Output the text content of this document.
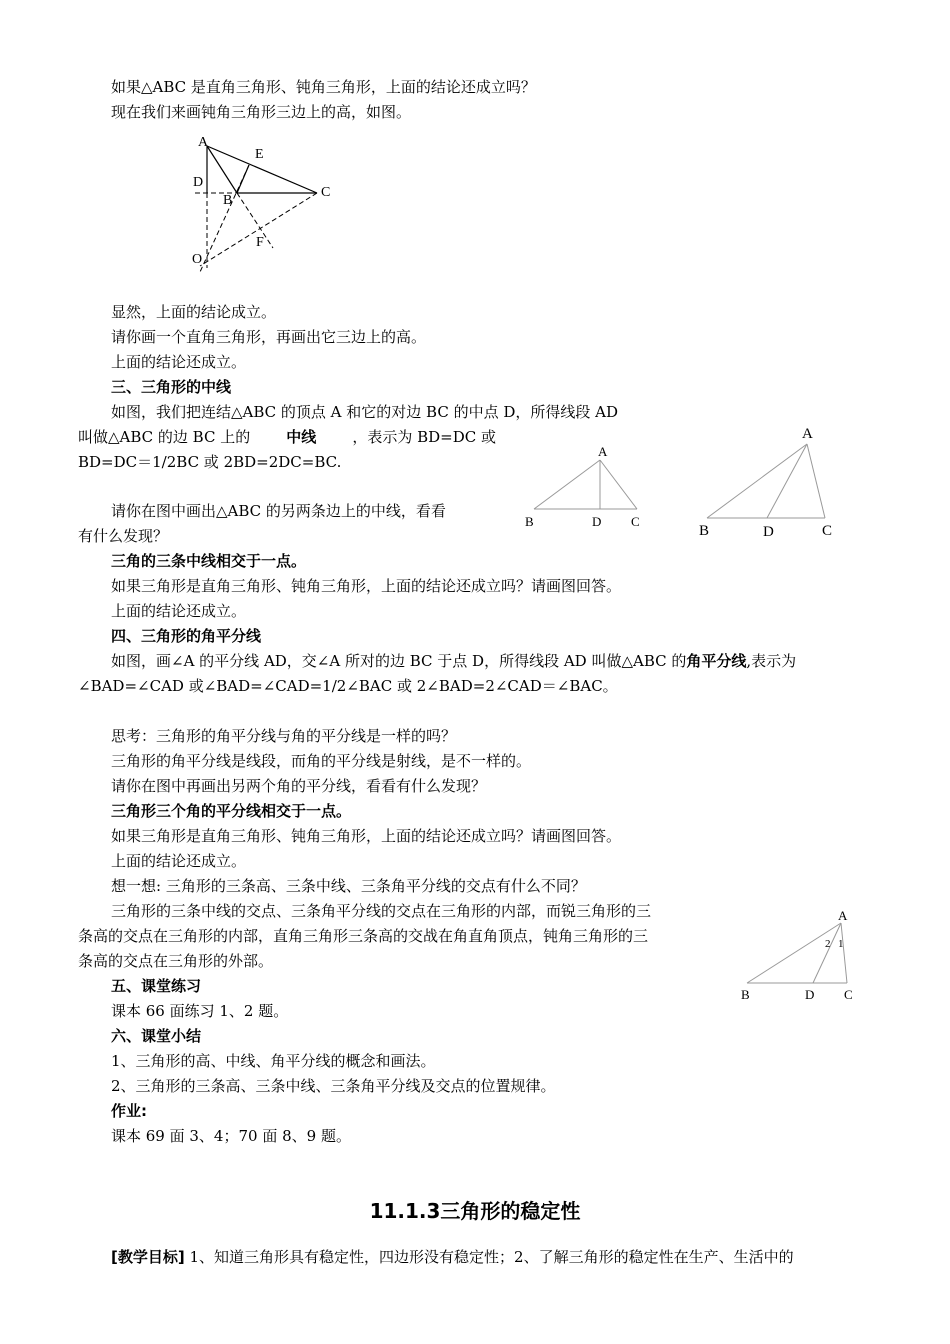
如果△ABC 是直角三角形、钝角三角形，上面的结论还成立吗？
现在我们来画钝角三角形三边上的高，如图。
A
E
D
B
C
F
O
显然，上面的结论成立。
请你画一个直角三角形，再画出它三边上的高。
上面的结论还成立。
三、三角形的中线
如图，我们把连结△ABC 的顶点 A 和它的对边 BC 的中点 D，所得线段 AD
叫做△ABC 的边 BC 上的 中线 ，表示为 BD=DC 或
BD=DC＝1/2BC 或 2BD=2DC=BC.
A
B	D C
A
B	D	C
请你在图中画出△ABC 的另两条边上的中线，看看
有什么发现？
三角的三条中线相交于一点。
如果三角形是直角三角形、钝角三角形，上面的结论还成立吗？请画图回答。
上面的结论还成立。
四、三角形的角平分线
如图，画∠A 的平分线 AD，交∠A 所对的边 BC 于点 D，所得线段 AD 叫做△ABC 的角平分线,表示为
∠BAD=∠CAD 或∠BAD=∠CAD=1/2∠BAC 或 2∠BAD=2∠CAD＝∠BAC。
思考：三角形的角平分线与角的平分线是一样的吗？
三角形的角平分线是线段，而角的平分线是射线，是不一样的。
请你在图中再画出另两个角的平分线，看看有什么发现？
三角形三个角的平分线相交于一点。
如果三角形是直角三角形、钝角三角形，上面的结论还成立吗？请画图回答。
上面的结论还成立。
想一想: 三角形的三条高、三条中线、三条角平分线的交点有什么不同？
三角形的三条中线的交点、三条角平分线的交点在三角形的内部，而锐三角形的三
条高的交点在三角形的内部，直角三角形三条高的交战在角直角顶点，钝角三角形的三
条高的交点在三角形的外部。
A
2 1
B	D C
五、课堂练习
课本 66 面练习 1、2 题。
六、课堂小结
1、三角形的高、中线、角平分线的概念和画法。
2、三角形的三条高、三条中线、三条角平分线及交点的位置规律。
作业:
课本 69 面 3、4；70 面 8、9 题。
11.1.3三角形的稳定性
[教学目标] 1、知道三角形具有稳定性，四边形没有稳定性；2、了解三角形的稳定性在生产、生活中的
